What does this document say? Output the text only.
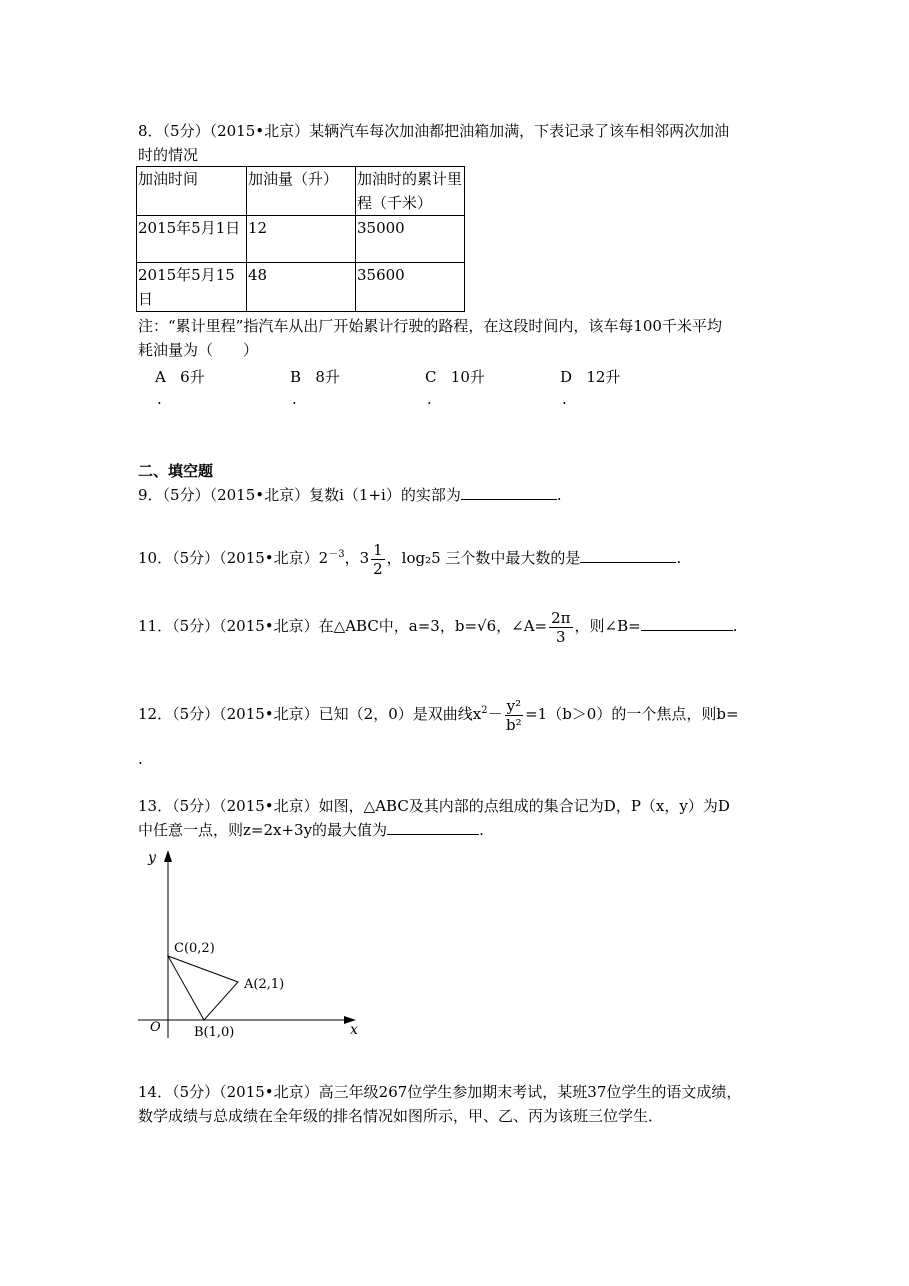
8．（5分）（2015•北京）某辆汽车每次加油都把油箱加满，下表记录了该车相邻两次加油
时的情况
加油时间	加油量（升）	加油时的累计里程（千米）
2015年5月1日	12	35000
2015年5月15日	48	35600
注：“累计里程”指汽车从出厂开始累计行驶的路程，在这段时间内，该车每100千米平均
耗油量为（　　）
A 6升	B 8升	C 10升	D 12升
.	.	.	.
二、填空题
9．（5分）（2015•北京）复数i（1+i）的实部为	.
10．（5分）（2015•北京）$2^{-3}$，$3 \frac{1}{2}$ ，log₂5 三个数中最大数的是	.
11．（5分）（2015•北京）在△ABC中，a=3，b=√6，∠A= $\frac{2\pi}{3}$ ，则∠B=	.
12．（5分）（2015•北京）已知（2，0）是双曲线$x^2- \frac{\text{y²}}{\text{b²}} =1(b>0)$的一个焦点，则b=
.
13．（5分）（2015•北京）如图，△ABC及其内部的点组成的集合记为D，P（x，y）为D
中任意一点，则z=2x+3y的最大值为	.
y
x
O
C(0,2)
A(2,1)
B(1,0)
14．（5分）（2015•北京）高三年级267位学生参加期末考试，某班37位学生的语文成绩，
数学成绩与总成绩在全年级的排名情况如图所示，甲、乙、丙为该班三位学生．
